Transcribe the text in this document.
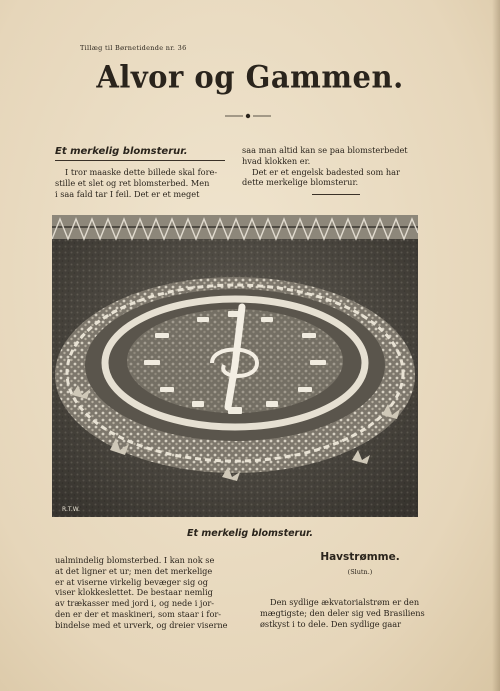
Tillæg til Børnetidende nr. 36
Alvor og Gammen.
Et merkelig blomsterur.
I tror maaske dette billede skal fore-
stille et slet og ret blomsterbed. Men
i saa fald tar I feil. Det er et meget
saa man altid kan se paa blomsterbedet
hvad klokken er.
Det er et engelsk badested som har
dette merkelige blomsterur.
R.T.W.
Et merkelig blomsterur.
ualmindelig blomsterbed. I kan nok se
at det ligner et ur; men det merkelige
er at viserne virkelig bevæger sig og
viser klokkeslettet. De bestaar nemlig
av trækasser med jord i, og nede i jor-
den er der et maskineri, som staar i for-
bindelse med et urverk, og dreier viserne
Havstrømme.
(Slutn.)
Den sydlige ækvatorialstrøm er den
mægtigste; den deler sig ved Brasiliens
østkyst i to dele. Den sydlige gaar
